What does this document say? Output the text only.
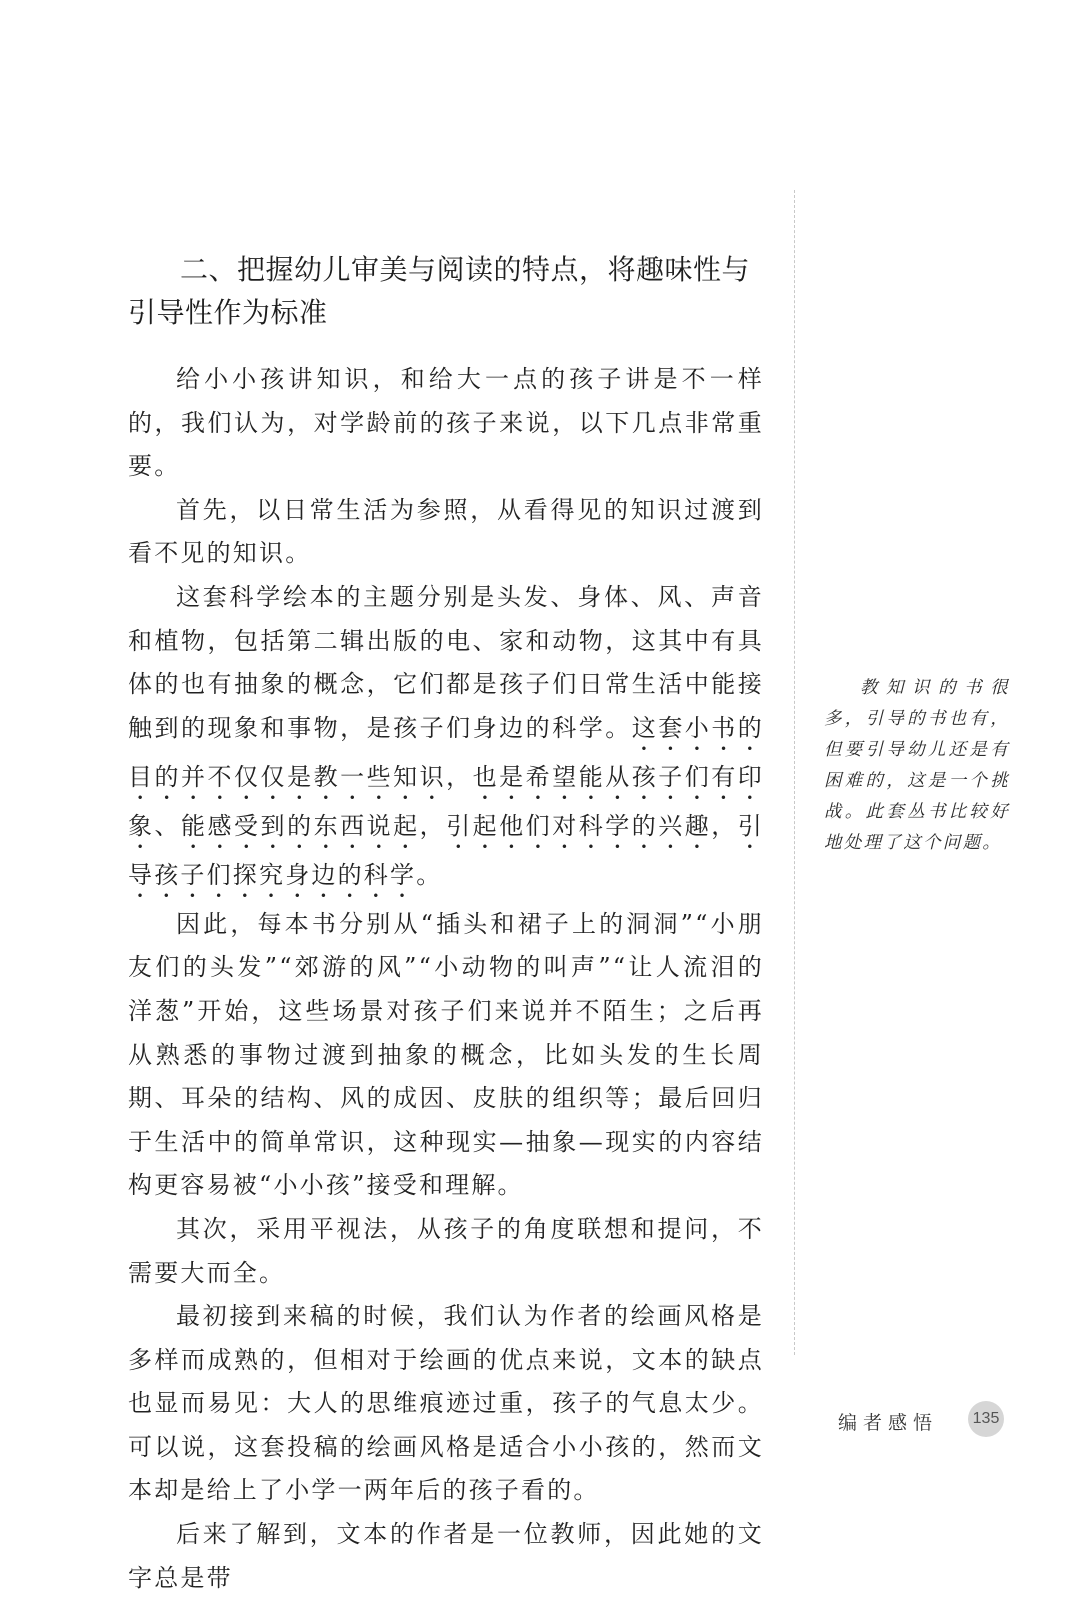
二、把握幼儿审美与阅读的特点，将趣味性与引导性作为标准

给小小孩讲知识，和给大一点的孩子讲是不一样的，我们认为，对学龄前的孩子来说，以下几点非常重要。

首先，以日常生活为参照，从看得见的知识过渡到看不见的知识。

这套科学绘本的主题分别是头发、身体、风、声音和植物，包括第二辑出版的电、家和动物，这其中有具体的也有抽象的概念，它们都是孩子们日常生活中能接触到的现象和事物，是孩子们身边的科学。这套小书的目的并不仅仅是教一些知识，也是希望能从孩子们有印象、能感受到的东西说起，引起他们对科学的兴趣，引导孩子们探究身边的科学。

因此，每本书分别从“插头和裙子上的洞洞”“小朋友们的头发”“郊游的风”“小动物的叫声”“让人流泪的洋葱”开始，这些场景对孩子们来说并不陌生；之后再从熟悉的事物过渡到抽象的概念，比如头发的生长周期、耳朵的结构、风的成因、皮肤的组织等；最后回归于生活中的简单常识，这种现实—抽象—现实的内容结构更容易被“小小孩”接受和理解。

其次，采用平视法，从孩子的角度联想和提问，不需要大而全。

最初接到来稿的时候，我们认为作者的绘画风格是多样而成熟的，但相对于绘画的优点来说，文本的缺点也显而易见：大人的思维痕迹过重，孩子的气息太少。可以说，这套投稿的绘画风格是适合小小孩的，然而文本却是给上了小学一两年后的孩子看的。

后来了解到，文本的作者是一位教师，因此她的文字总是带

教知识的书很多，引导的书也有，但要引导幼儿还是有困难的，这是一个挑战。此套丛书比较好地处理了这个问题。

编者感悟 135
